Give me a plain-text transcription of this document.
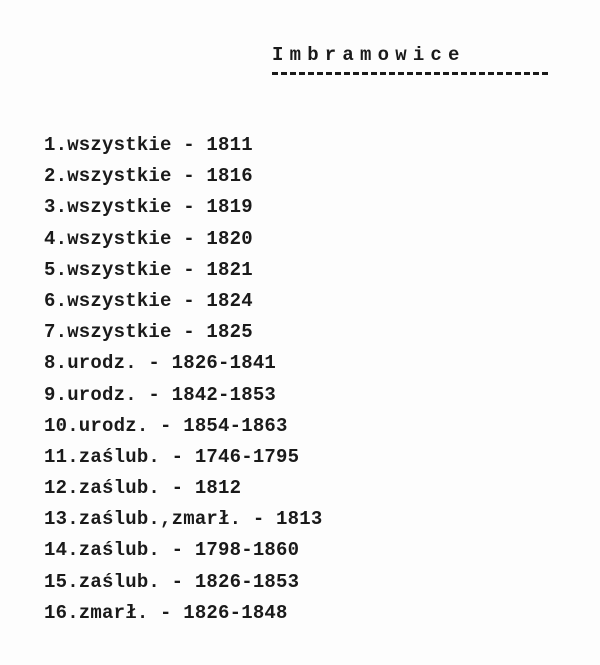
Imbramowice
1.wszystkie - 1811
2.wszystkie - 1816
3.wszystkie - 1819
4.wszystkie - 1820
5.wszystkie - 1821
6.wszystkie - 1824
7.wszystkie - 1825
8.urodz. - 1826-1841
9.urodz. - 1842-1853
10.urodz. - 1854-1863
11.zaślub. - 1746-1795
12.zaślub. - 1812
13.zaślub.,zmarł. - 1813
14.zaślub. - 1798-1860
15.zaślub. - 1826-1853
16.zmarł. - 1826-1848
